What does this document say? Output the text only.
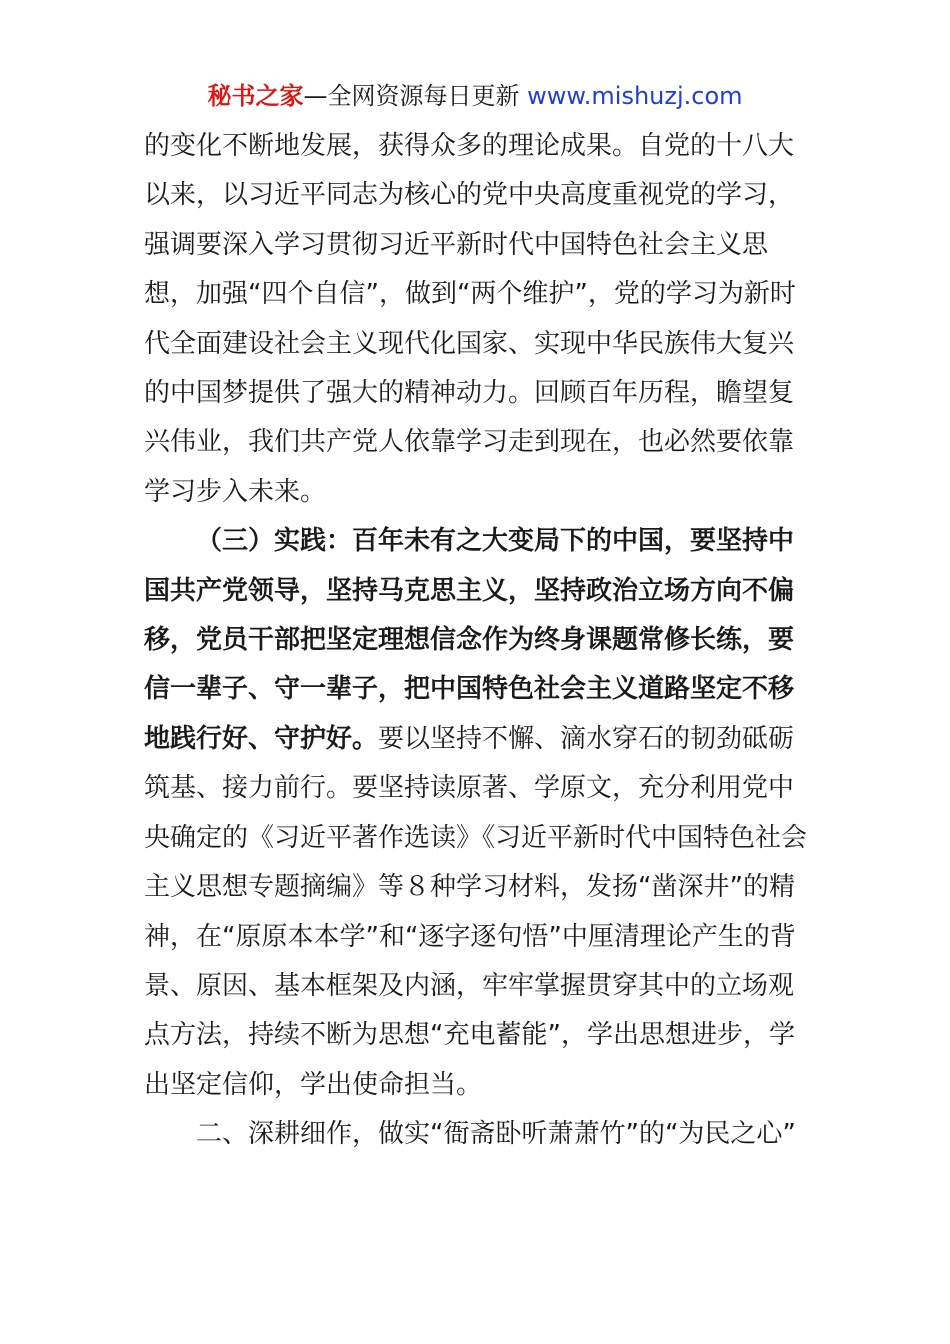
秘书之家—全网资源每日更新 www.mishuzj.com

的变化不断地发展，获得众多的理论成果。自党的十八大以来，以习近平同志为核心的党中央高度重视党的学习，强调要深入学习贯彻习近平新时代中国特色社会主义思想，加强“四个自信”，做到“两个维护”，党的学习为新时代全面建设社会主义现代化国家、实现中华民族伟大复兴的中国梦提供了强大的精神动力。回顾百年历程，瞻望复兴伟业，我们共产党人依靠学习走到现在，也必然要依靠学习步入未来。

（三）实践：百年未有之大变局下的中国，要坚持中国共产党领导，坚持马克思主义，坚持政治立场方向不偏移，党员干部把坚定理想信念作为终身课题常修长练，要信一辈子、守一辈子，把中国特色社会主义道路坚定不移地践行好、守护好。要以坚持不懈、滴水穿石的韧劲砥砺筑基、接力前行。要坚持读原著、学原文，充分利用党中央确定的《习近平著作选读》《习近平新时代中国特色社会主义思想专题摘编》等８种学习材料，发扬“凿深井”的精神，在“原原本本学”和“逐字逐句悟”中厘清理论产生的背景、原因、基本框架及内涵，牢牢掌握贯穿其中的立场观点方法，持续不断为思想“充电蓄能”，学出思想进步，学出坚定信仰，学出使命担当。

二、深耕细作，做实“衙斋卧听萧萧竹”的“为民之心”
